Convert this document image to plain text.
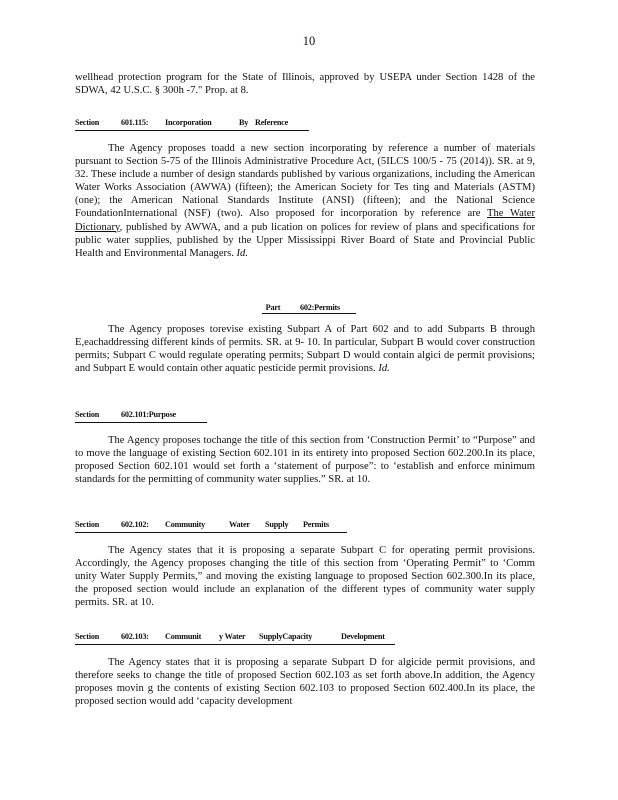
10

wellhead protection program for the State of Illinois, approved by USEPA under Section 1428 of the SDWA, 42 U.S.C. § 300h -7." Prop. at 8.

Section	601.115: Incorporation	By Reference

The Agency proposes toadd a new section incorporating by reference a number of materials pursuant to Section 5-75 of the Illinois Administrative Procedure Act, (5ILCS 100/5 - 75 (2014)). SR. at 9, 32. These include a number of design standards published by various organizations, including the American Water Works Association (AWWA) (fifteen); the American Society for Tes ting and Materials (ASTM) (one); the American National Standards Institute (ANSI) (fifteen); and the National Science FoundationInternational (NSF) (two). Also proposed for incorporation by reference are The Water Dictionary, published by AWWA, and a pub lication on polices for review of plans and specifications for public water supplies, published by the Upper Mississippi River Board of State and Provincial Public Health and Environmental Managers. Id.

Part 602:Permits

The Agency proposes torevise existing Subpart A of Part 602 and to add Subparts B through E,eachaddressing different kinds of permits. SR. at 9- 10. In particular, Subpart B would cover construction permits; Subpart C would regulate operating permits; Subpart D would contain algici de permit provisions; and Subpart E would contain other aquatic pesticide permit provisions. Id.

Section	602.101:Purpose

The Agency proposes tochange the title of this section from ‘Construction Permit’ to “Purpose” and to move the language of existing Section 602.101 in its entirety into proposed Section 602.200.In its place, proposed Section 602.101 would set forth a ‘statement of purpose”: to ‘establish and enforce minimum standards for the permitting of community water supplies.” SR. at 10.

Section	602.102: Community	Water Supply Permits

The Agency states that it is proposing a separate Subpart C for operating permit provisions. Accordingly, the Agency proposes changing the title of this section from ‘Operating Permit” to ‘Comm unity Water Supply Permits,” and moving the existing language to proposed Section 602.300.In its place, the proposed section would include an explanation of the different types of community water supply permits. SR. at 10.

Section	602.103: Communit y Water SupplyCapacity	Development

The Agency states that it is proposing a separate Subpart D for algicide permit provisions, and therefore seeks to change the title of proposed Section 602.103 as set forth above.In addition, the Agency proposes movin g the contents of existing Section 602.103 to proposed Section 602.400.In its place, the proposed section would add ‘capacity development
